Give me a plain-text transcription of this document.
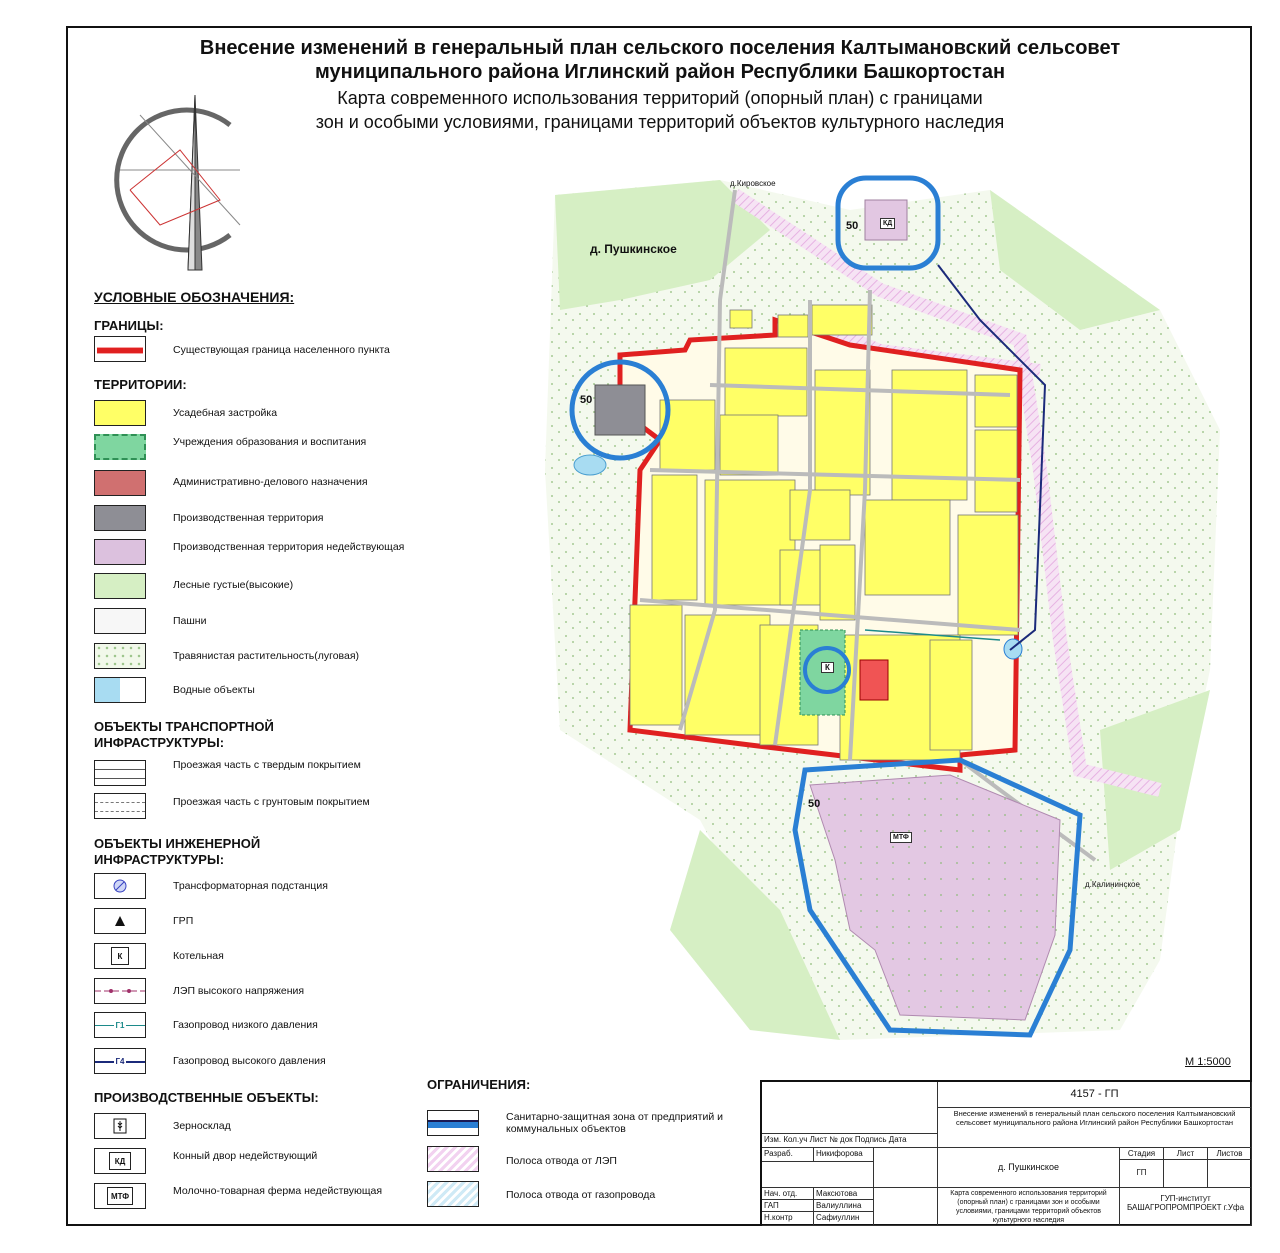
Внесение изменений в генеральный план сельского поселения Калтымановский сельсовет
муниципального района Иглинский район Республики Башкортостан
Карта современного использования территорий (опорный план) с границами
зон и особыми условиями, границами территорий объектов культурного наследия
УСЛОВНЫЕ ОБОЗНАЧЕНИЯ:
ГРАНИЦЫ:
Существующая граница населенного пункта
ТЕРРИТОРИИ:
Усадебная застройка
Учреждения образования и воспитания
Административно-делового назначения
Производственная территория
Производственная территория недействующая
Лесные густые(высокие)
Пашни
Травянистая растительность(луговая)
Водные объекты
ОБЪЕКТЫ ТРАНСПОРТНОЙ ИНФРАСТРУКТУРЫ:
Проезжая часть с твердым покрытием
Проезжая часть с грунтовым покрытием
ОБЪЕКТЫ ИНЖЕНЕРНОЙ ИНФРАСТРУКТУРЫ:
Трансформаторная подстанция
ГРП
К	Котельная
ЛЭП высокого напряжения
Г1	Газопровод низкого давления
Г4	Газопровод высокого давления
ПРОИЗВОДСТВЕННЫЕ ОБЪЕКТЫ:
Зерносклад
КД	Конный двор недействующий
МТФ	Молочно-товарная ферма недействующая
ОГРАНИЧЕНИЯ:
Санитарно-защитная зона от предприятий и коммунальных объектов
Полоса отвода от ЛЭП
Полоса отвода от газопровода
д. Пушкинское
д.Кировское
д.Калининское
50
50
50
КД
МТФ
К
М 1:5000
4157 - ГП
Внесение изменений в генеральный план сельского поселения Калтымановский сельсовет муниципального района Иглинский район Республики Башкортостан
Изм. Кол.уч Лист № док Подпись Дата
Разраб.	Никифорова
Нач. отд.	Максютова
ГАП	Валиуллина
Н.контр	Сафиуллин
д. Пушкинское
Стадия	Лист	Листов
ГП
Карта современного использования территорий (опорный план) с границами зон и особыми условиями, границами территорий объектов культурного наследия
ГУП-институт БАШАГРОПРОМПРОЕКТ г.Уфа
